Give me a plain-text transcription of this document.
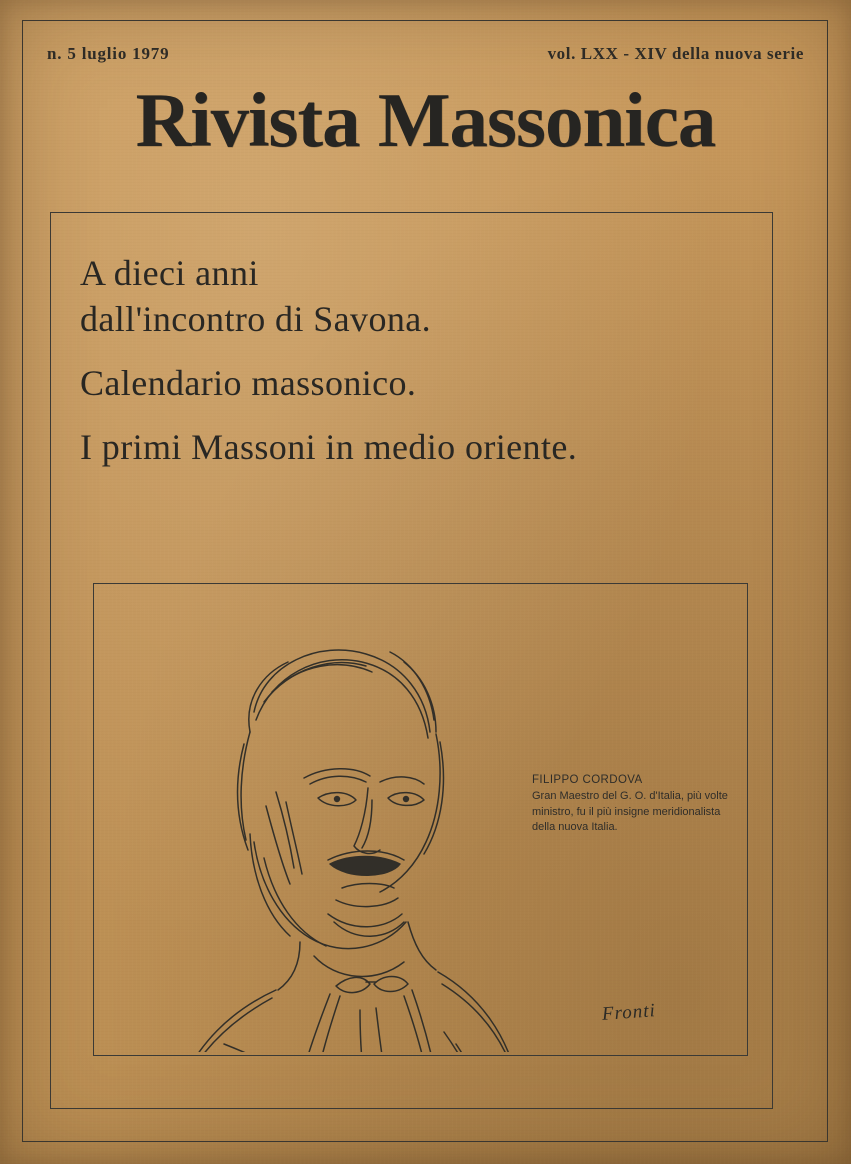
n. 5 luglio 1979	vol. LXX - XIV della nuova serie
Rivista Massonica
A dieci anni
dall'incontro di Savona.
Calendario massonico.
I primi Massoni in medio oriente.
FILIPPO CORDOVA
Gran Maestro del G. O. d'Italia, più volte ministro, fu il più insigne meridionalista della nuova Italia.
Fronti
